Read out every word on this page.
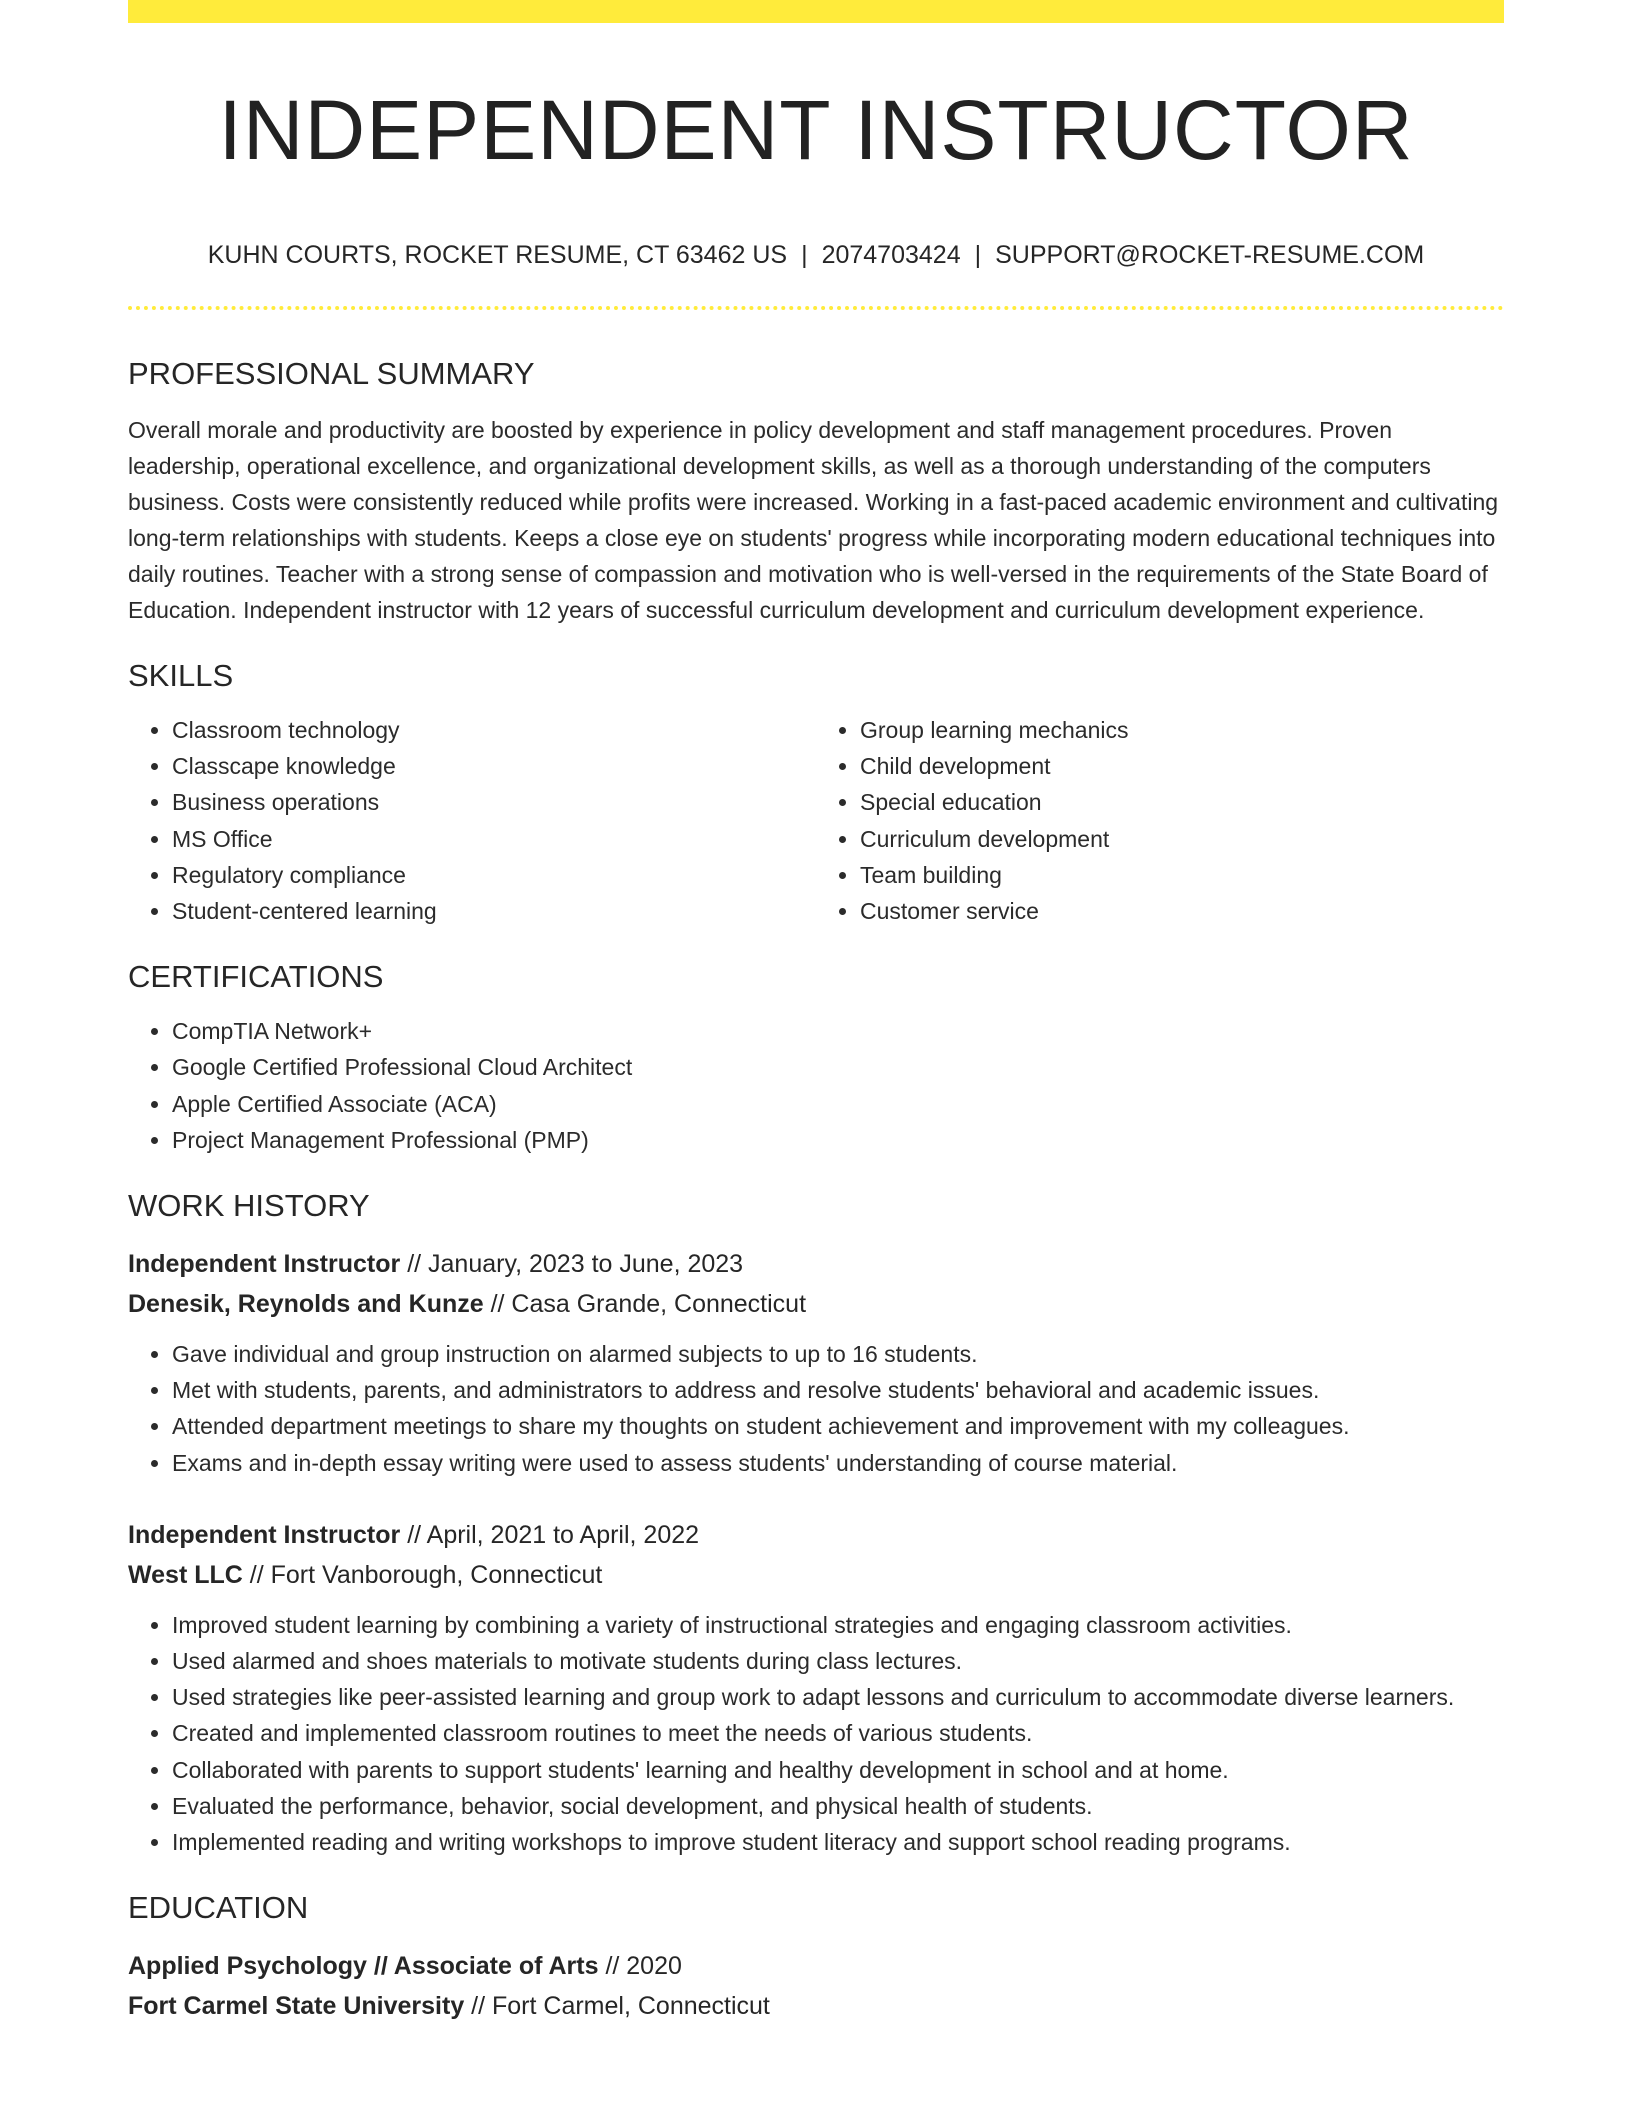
INDEPENDENT INSTRUCTOR
KUHN COURTS, ROCKET RESUME, CT 63462 US | 2074703424 | SUPPORT@ROCKET-RESUME.COM
PROFESSIONAL SUMMARY

Overall morale and productivity are boosted by experience in policy development and staff management procedures. Proven leadership, operational excellence, and organizational development skills, as well as a thorough understanding of the computers business. Costs were consistently reduced while profits were increased. Working in a fast-paced academic environment and cultivating long-term relationships with students. Keeps a close eye on students' progress while incorporating modern educational techniques into daily routines. Teacher with a strong sense of compassion and motivation who is well-versed in the requirements of the State Board of Education. Independent instructor with 12 years of successful curriculum development and curriculum development experience.

SKILLS
• Classroom technology
• Classcape knowledge
• Business operations
• MS Office
• Regulatory compliance
• Student-centered learning
• Group learning mechanics
• Child development
• Special education
• Curriculum development
• Team building
• Customer service
CERTIFICATIONS
• CompTIA Network+
• Google Certified Professional Cloud Architect
• Apple Certified Associate (ACA)
• Project Management Professional (PMP)
WORK HISTORY
Independent Instructor // January, 2023 to June, 2023
Denesik, Reynolds and Kunze // Casa Grande, Connecticut
• Gave individual and group instruction on alarmed subjects to up to 16 students.
• Met with students, parents, and administrators to address and resolve students' behavioral and academic issues.
• Attended department meetings to share my thoughts on student achievement and improvement with my colleagues.
• Exams and in-depth essay writing were used to assess students' understanding of course material.
Independent Instructor // April, 2021 to April, 2022
West LLC // Fort Vanborough, Connecticut
• Improved student learning by combining a variety of instructional strategies and engaging classroom activities.
• Used alarmed and shoes materials to motivate students during class lectures.
• Used strategies like peer-assisted learning and group work to adapt lessons and curriculum to accommodate diverse learners.
• Created and implemented classroom routines to meet the needs of various students.
• Collaborated with parents to support students' learning and healthy development in school and at home.
• Evaluated the performance, behavior, social development, and physical health of students.
• Implemented reading and writing workshops to improve student literacy and support school reading programs.
EDUCATION
Applied Psychology // Associate of Arts // 2020
Fort Carmel State University // Fort Carmel, Connecticut
